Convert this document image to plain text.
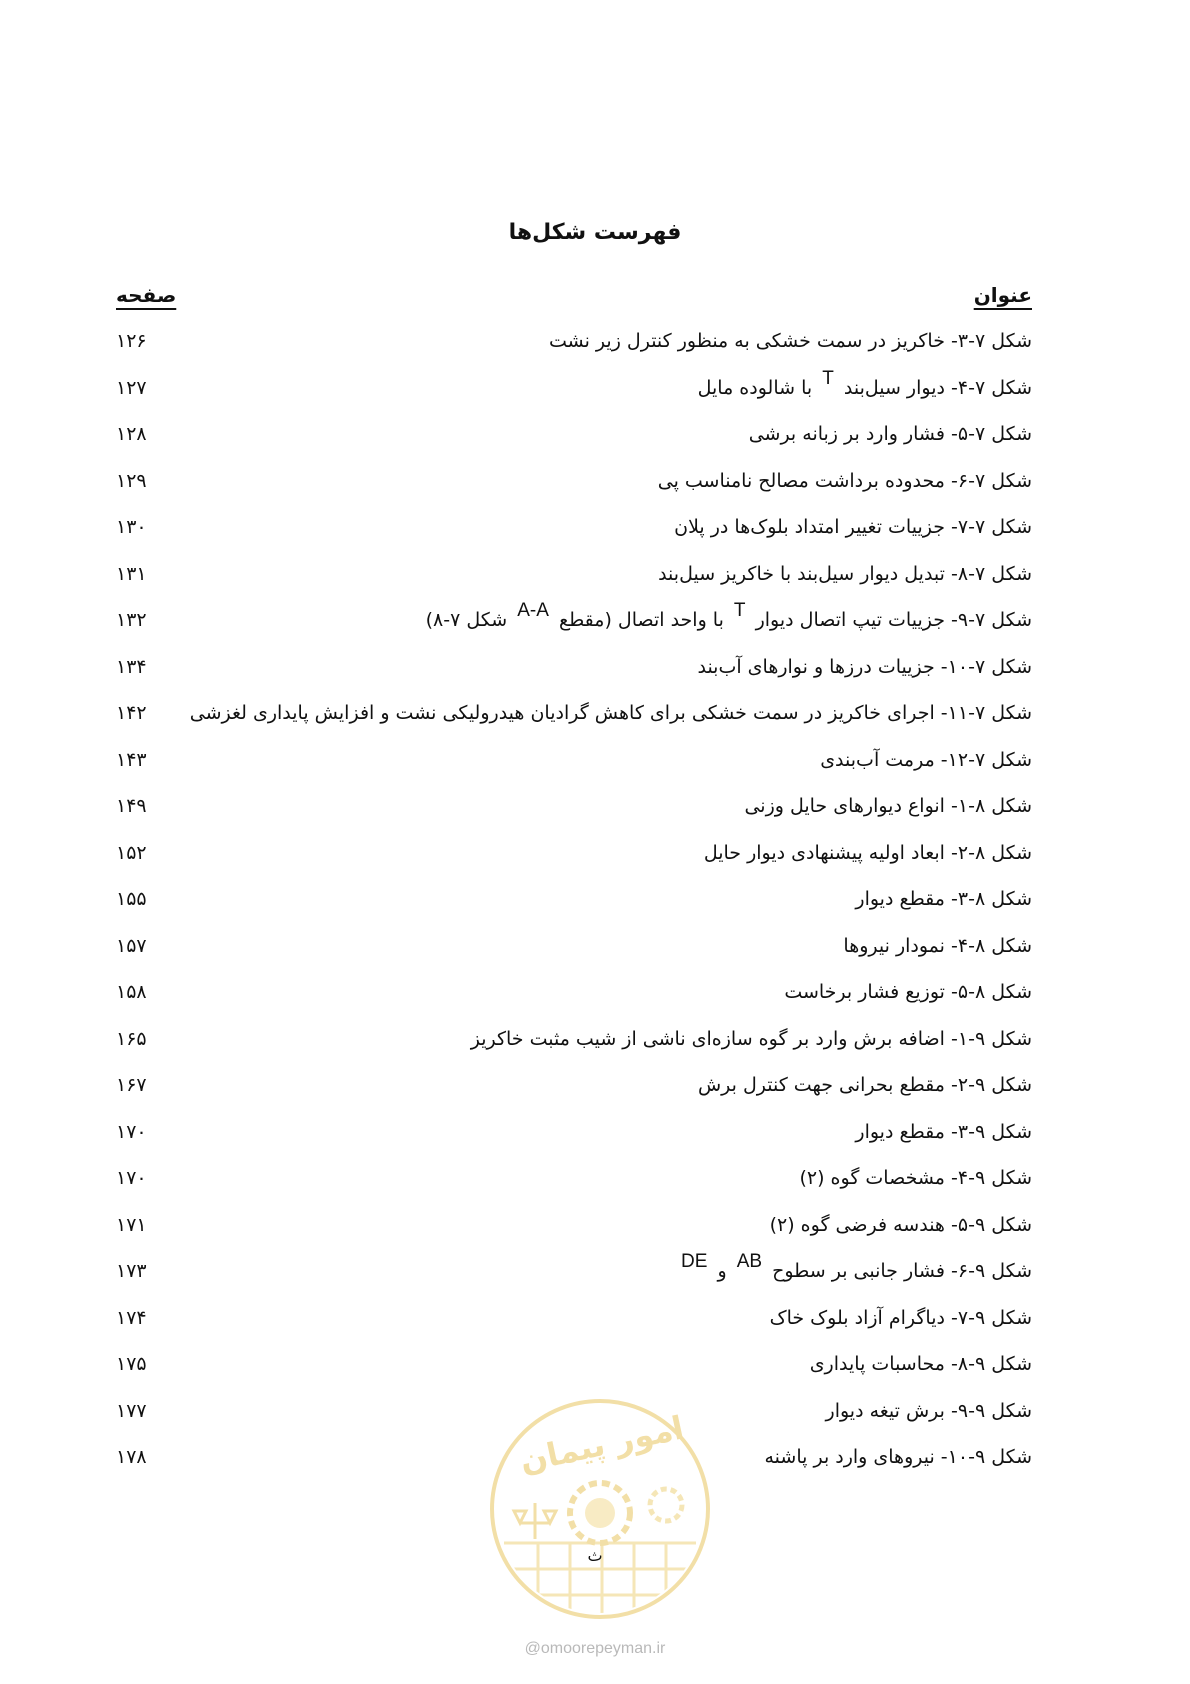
فهرست شکل‌ها
عنوان
صفحه
شکل ۷-۳- خاکریز در سمت خشکی به منظور کنترل زیر نشت
۱۲۶
شکل ۷-۴- دیوار سیل‌بند T با شالوده مایل
۱۲۷
شکل ۷-۵- فشار وارد بر زبانه برشی
۱۲۸
شکل ۷-۶- محدوده برداشت مصالح نامناسب پی
۱۲۹
شکل ۷-۷- جزییات تغییر امتداد بلوک‌ها در پلان
۱۳۰
شکل ۷-۸- تبدیل دیوار سیل‌بند با خاکریز سیل‌بند
۱۳۱
شکل ۷-۹- جزییات تیپ اتصال دیوار T با واحد اتصال (مقطع A-A شکل ۷-۸)
۱۳۲
شکل ۷-۱۰- جزییات درزها و نوارهای آب‌بند
۱۳۴
شکل ۷-۱۱- اجرای خاکریز در سمت خشکی برای کاهش گرادیان هیدرولیکی نشت و افزایش پایداری لغزشی
۱۴۲
شکل ۷-۱۲- مرمت آب‌بندی
۱۴۳
شکل ۸-۱- انواع دیوارهای حایل وزنی
۱۴۹
شکل ۸-۲- ابعاد اولیه پیشنهادی دیوار حایل
۱۵۲
شکل ۸-۳- مقطع دیوار
۱۵۵
شکل ۸-۴- نمودار نیروها
۱۵۷
شکل ۸-۵- توزیع فشار برخاست
۱۵۸
شکل ۹-۱- اضافه برش وارد بر گوه سازه‌ای ناشی از شیب مثبت خاکریز
۱۶۵
شکل ۹-۲- مقطع بحرانی جهت کنترل برش
۱۶۷
شکل ۹-۳- مقطع دیوار
۱۷۰
شکل ۹-۴- مشخصات گوه (۲)
۱۷۰
شکل ۹-۵- هندسه فرضی گوه (۲)
۱۷۱
شکل ۹-۶- فشار جانبی بر سطوح AB و DE
۱۷۳
شکل ۹-۷- دیاگرام آزاد بلوک خاک
۱۷۴
شکل ۹-۸- محاسبات پایداری
۱۷۵
شکل ۹-۹- برش تیغه دیوار
۱۷۷
شکل ۹-۱۰- نیروهای وارد بر پاشنه
۱۷۸	امور پیمان
ث
@omoorepeyman.ir
